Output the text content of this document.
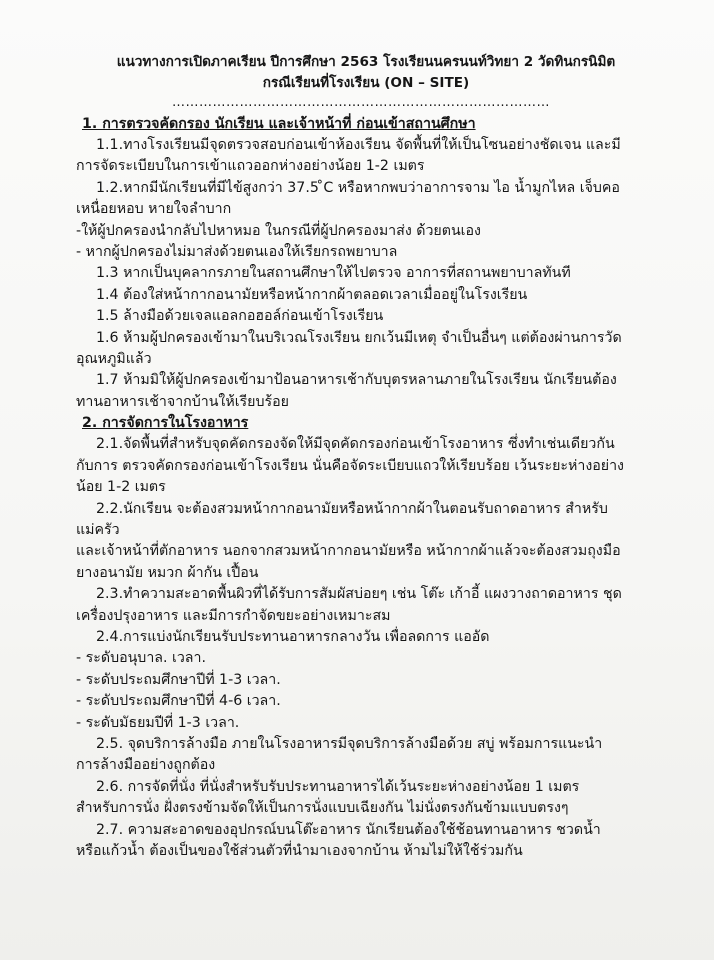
แนวทางการเปิดภาคเรียน ปีการศึกษา 2563 โรงเรียนนครนนท์วิทยา 2 วัดทินกรนิมิต
กรณีเรียนที่โรงเรียน (ON – SITE)
…………………………………………………………………………
1. การตรวจคัดกรอง นักเรียน และเจ้าหน้าที่ ก่อนเข้าสถานศึกษา
1.1.ทางโรงเรียนมีจุดตรวจสอบก่อนเข้าห้องเรียน จัดพื้นที่ให้เป็นโซนอย่างชัดเจน และมี
การจัดระเบียบในการเข้าแถวออกห่างอย่างน้อย 1-2 เมตร
1.2.หากมีนักเรียนที่มีไข้สูงกว่า 37.5 ̊C หรือหากพบว่าอาการจาม ไอ น้ำมูกไหล เจ็บคอ
เหนื่อยหอบ หายใจลำบาก
-ให้ผู้ปกครองนำกลับไปหาหมอ ในกรณีที่ผู้ปกครองมาส่ง ด้วยตนเอง
- หากผู้ปกครองไม่มาส่งด้วยตนเองให้เรียกรถพยาบาล
1.3 หากเป็นบุคลากรภายในสถานศึกษาให้ไปตรวจ อาการที่สถานพยาบาลทันที
1.4 ต้องใส่หน้ากากอนามัยหรือหน้ากากผ้าตลอดเวลาเมื่ออยู่ในโรงเรียน
1.5 ล้างมือด้วยเจลแอลกอฮอล์ก่อนเข้าโรงเรียน
1.6 ห้ามผู้ปกครองเข้ามาในบริเวณโรงเรียน ยกเว้นมีเหตุ จำเป็นอื่นๆ แต่ต้องผ่านการวัด
อุณหภูมิแล้ว
1.7 ห้ามมิให้ผู้ปกครองเข้ามาป้อนอาหารเช้ากับบุตรหลานภายในโรงเรียน นักเรียนต้อง
ทานอาหารเช้าจากบ้านให้เรียบร้อย
2. การจัดการในโรงอาหาร
2.1.จัดพื้นที่สำหรับจุดคัดกรองจัดให้มีจุดคัดกรองก่อนเข้าโรงอาหาร ซึ่งทำเช่นเดียวกัน
กับการ ตรวจคัดกรองก่อนเข้าโรงเรียน นั่นคือจัดระเบียบแถวให้เรียบร้อย เว้นระยะห่างอย่าง
น้อย 1-2 เมตร
2.2.นักเรียน จะต้องสวมหน้ากากอนามัยหรือหน้ากากผ้าในตอนรับถาดอาหาร สำหรับ
แม่ครัว
และเจ้าหน้าที่ตักอาหาร นอกจากสวมหน้ากากอนามัยหรือ หน้ากากผ้าแล้วจะต้องสวมถุงมือ
ยางอนามัย หมวก ผ้ากัน เปื้อน
2.3.ทำความสะอาดพื้นผิวที่ได้รับการสัมผัสบ่อยๆ เช่น โต๊ะ เก้าอี้ แผงวางถาดอาหาร ชุด
เครื่องปรุงอาหาร และมีการกำจัดขยะอย่างเหมาะสม
2.4.การแบ่งนักเรียนรับประทานอาหารกลางวัน เพื่อลดการ แออัด
- ระดับอนุบาล. เวลา.
- ระดับประถมศึกษาปีที่ 1-3 เวลา.
- ระดับประถมศึกษาปีที่ 4-6 เวลา.
- ระดับมัธยมปีที่ 1-3 เวลา.
2.5. จุดบริการล้างมือ ภายในโรงอาหารมีจุดบริการล้างมือด้วย สบู่ พร้อมการแนะนำ
การล้างมืออย่างถูกต้อง
2.6. การจัดที่นั่ง ที่นั่งสำหรับรับประทานอาหารได้เว้นระยะห่างอย่างน้อย 1 เมตร
สำหรับการนั่ง ฝั่งตรงข้ามจัดให้เป็นการนั่งแบบเฉียงกัน ไม่นั่งตรงกันข้ามแบบตรงๆ
2.7. ความสะอาดของอุปกรณ์บนโต๊ะอาหาร นักเรียนต้องใช้ช้อนทานอาหาร ชวดน้ำ
หรือแก้วน้ำ ต้องเป็นของใช้ส่วนตัวที่นำมาเองจากบ้าน ห้ามไม่ให้ใช้ร่วมกัน
